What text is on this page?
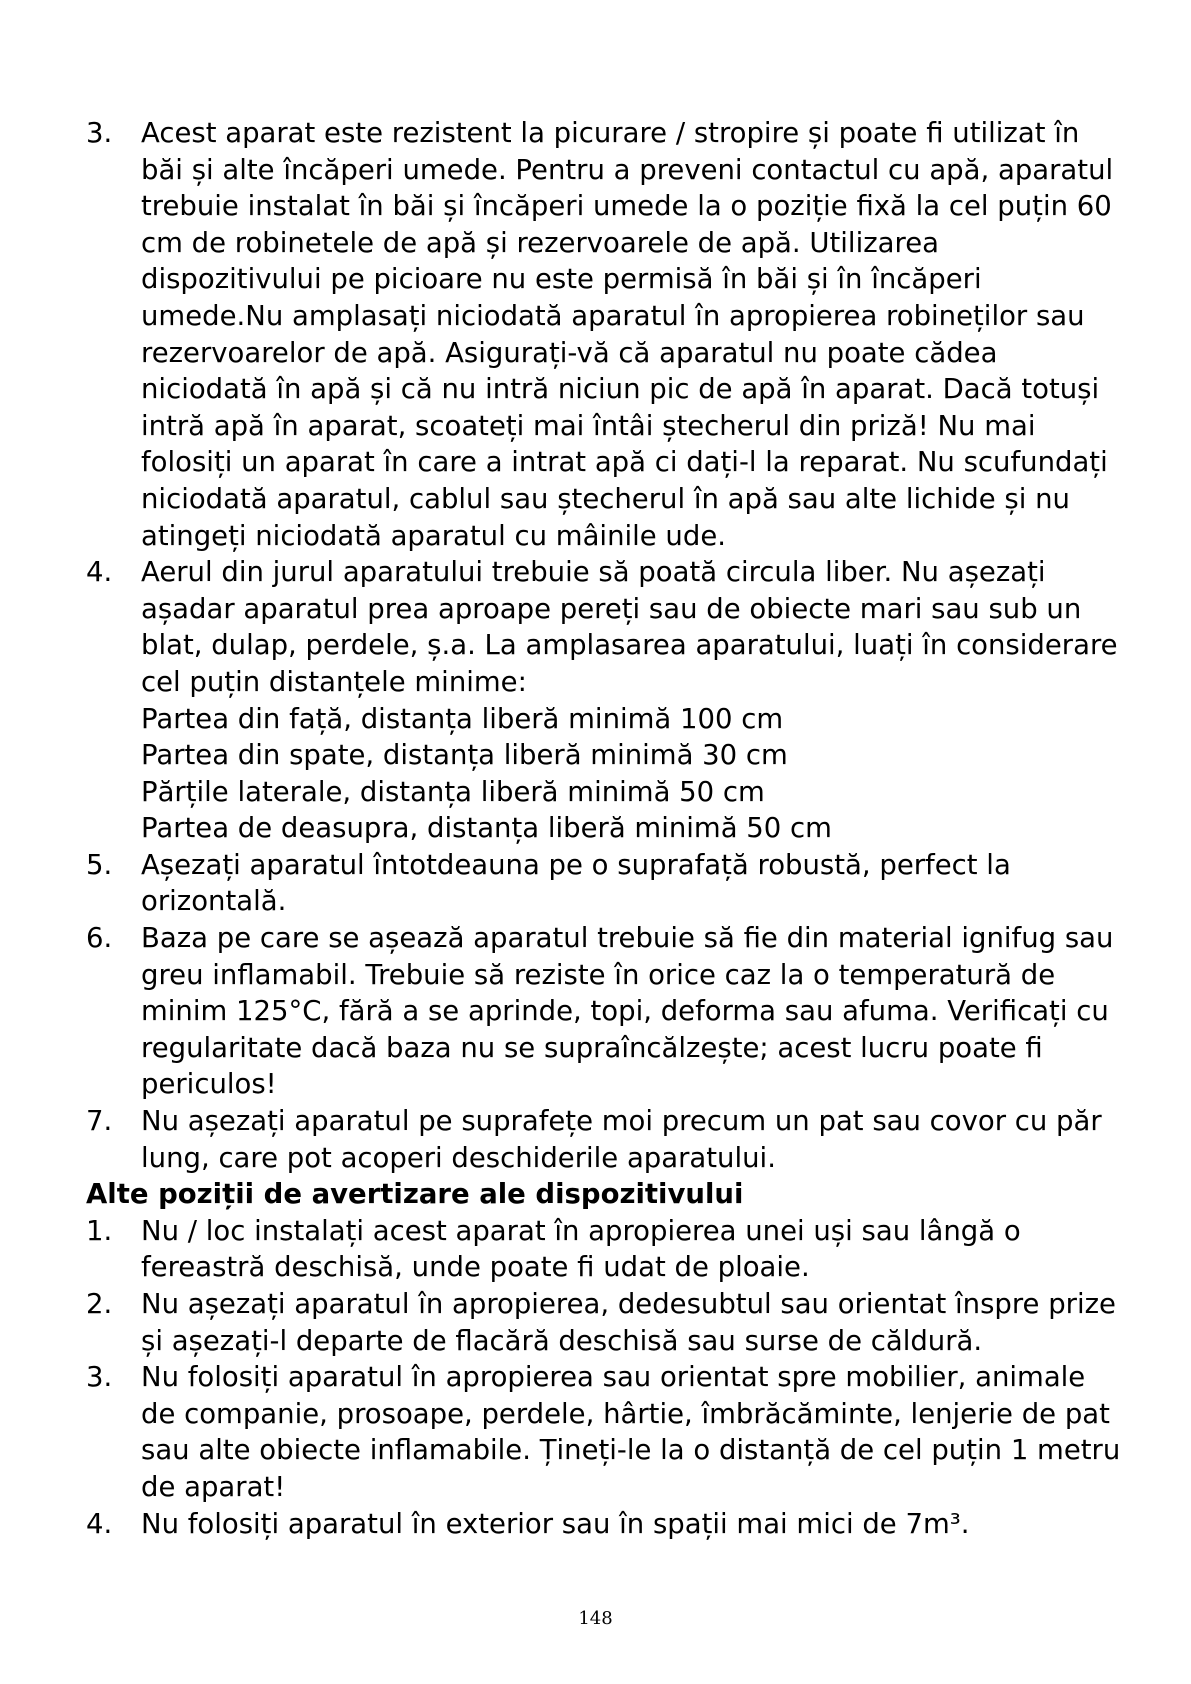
3.	Acest aparat este rezistent la picurare / stropire și poate fi utilizat în băi și alte încăperi umede. Pentru a preveni contactul cu apă, aparatul trebuie instalat în băi și încăperi umede la o poziție fixă la cel puțin 60 cm de robinetele de apă și rezervoarele de apă. Utilizarea dispozitivului pe picioare nu este permisă în băi și în încăperi umede.Nu amplasați niciodată aparatul în apropierea robineților sau rezervoarelor de apă. Asigurați-vă că aparatul nu poate cădea niciodată în apă și că nu intră niciun pic de apă în aparat. Dacă totuși intră apă în aparat, scoateți mai întâi ștecherul din priză! Nu mai folosiți un aparat în care a intrat apă ci dați-l la reparat. Nu scufundați niciodată aparatul, cablul sau ștecherul în apă sau alte lichide și nu atingeți niciodată aparatul cu mâinile ude.
4.	Aerul din jurul aparatului trebuie să poată circula liber. Nu așezați așadar aparatul prea aproape pereți sau de obiecte mari sau sub un blat, dulap, perdele, ș.a. La amplasarea aparatului, luați în considerare cel puțin distanțele minime:
Partea din față, distanța liberă minimă 100 cm
Partea din spate, distanța liberă minimă 30 cm
Părțile laterale, distanța liberă minimă 50 cm
Partea de deasupra, distanța liberă minimă 50 cm
5.	Așezați aparatul întotdeauna pe o suprafață robustă, perfect la orizontală.
6.	Baza pe care se așează aparatul trebuie să fie din material ignifug sau greu inflamabil. Trebuie să reziste în orice caz la o temperatură de minim 125°C, fără a se aprinde, topi, deforma sau afuma. Verificați cu regularitate dacă baza nu se supraîncălzește; acest lucru poate fi periculos!
7.	Nu așezați aparatul pe suprafețe moi precum un pat sau covor cu păr lung, care pot acoperi deschiderile aparatului.
Alte poziții de avertizare ale dispozitivului
1.	Nu / loc instalați acest aparat în apropierea unei uși sau lângă o fereastră deschisă, unde poate fi udat de ploaie.
2.	Nu așezați aparatul în apropierea, dedesubtul sau orientat înspre prize și așezați-l departe de flacără deschisă sau surse de căldură.
3.	Nu folosiți aparatul în apropierea sau orientat spre mobilier, animale de companie, prosoape, perdele, hârtie, îmbrăcăminte, lenjerie de pat sau alte obiecte inflamabile. Țineți-le la o distanță de cel puțin 1 metru de aparat!
4.	Nu folosiți aparatul în exterior sau în spații mai mici de 7m³.
148
